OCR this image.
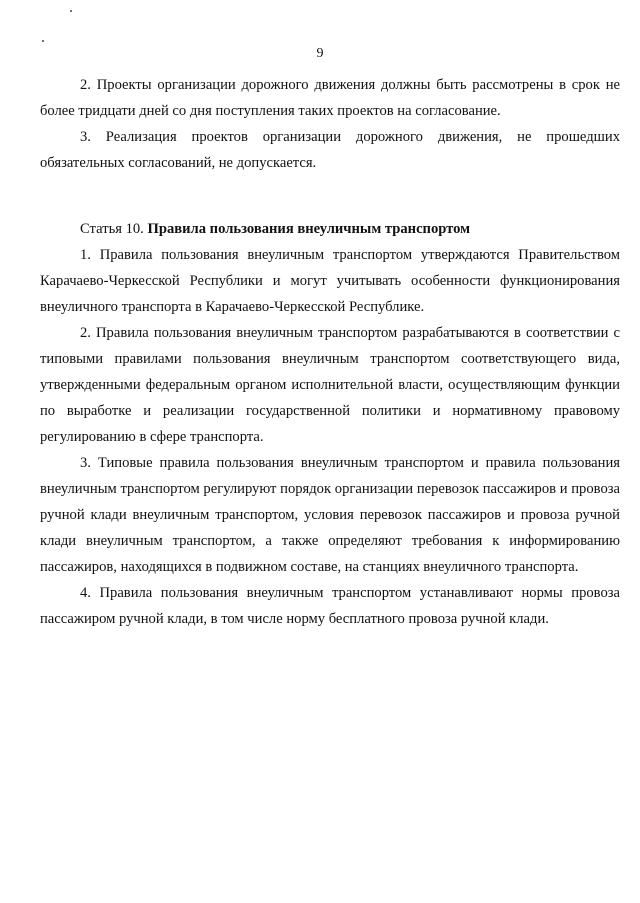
9

2. Проекты организации дорожного движения должны быть рассмотрены в срок не более тридцати дней со дня поступления таких проектов на согласование.

3. Реализация проектов организации дорожного движения, не прошедших обязательных согласований, не допускается.

Статья 10. Правила пользования внеуличным транспортом

1. Правила пользования внеуличным транспортом утверждаются Правительством Карачаево-Черкесской Республики и могут учитывать особенности функционирования внеуличного транспорта в Карачаево-Черкесской Республике.

2. Правила пользования внеуличным транспортом разрабатываются в соответствии с типовыми правилами пользования внеуличным транспортом соответствующего вида, утвержденными федеральным органом исполнительной власти, осуществляющим функции по выработке и реализации государственной политики и нормативному правовому регулированию в сфере транспорта.

3. Типовые правила пользования внеуличным транспортом и правила пользования внеуличным транспортом регулируют порядок организации перевозок пассажиров и провоза ручной клади внеуличным транспортом, условия перевозок пассажиров и провоза ручной клади внеуличным транспортом, а также определяют требования к информированию пассажиров, находящихся в подвижном составе, на станциях внеуличного транспорта.

4. Правила пользования внеуличным транспортом устанавливают нормы провоза пассажиром ручной клади, в том числе норму бесплатного провоза ручной клади.
